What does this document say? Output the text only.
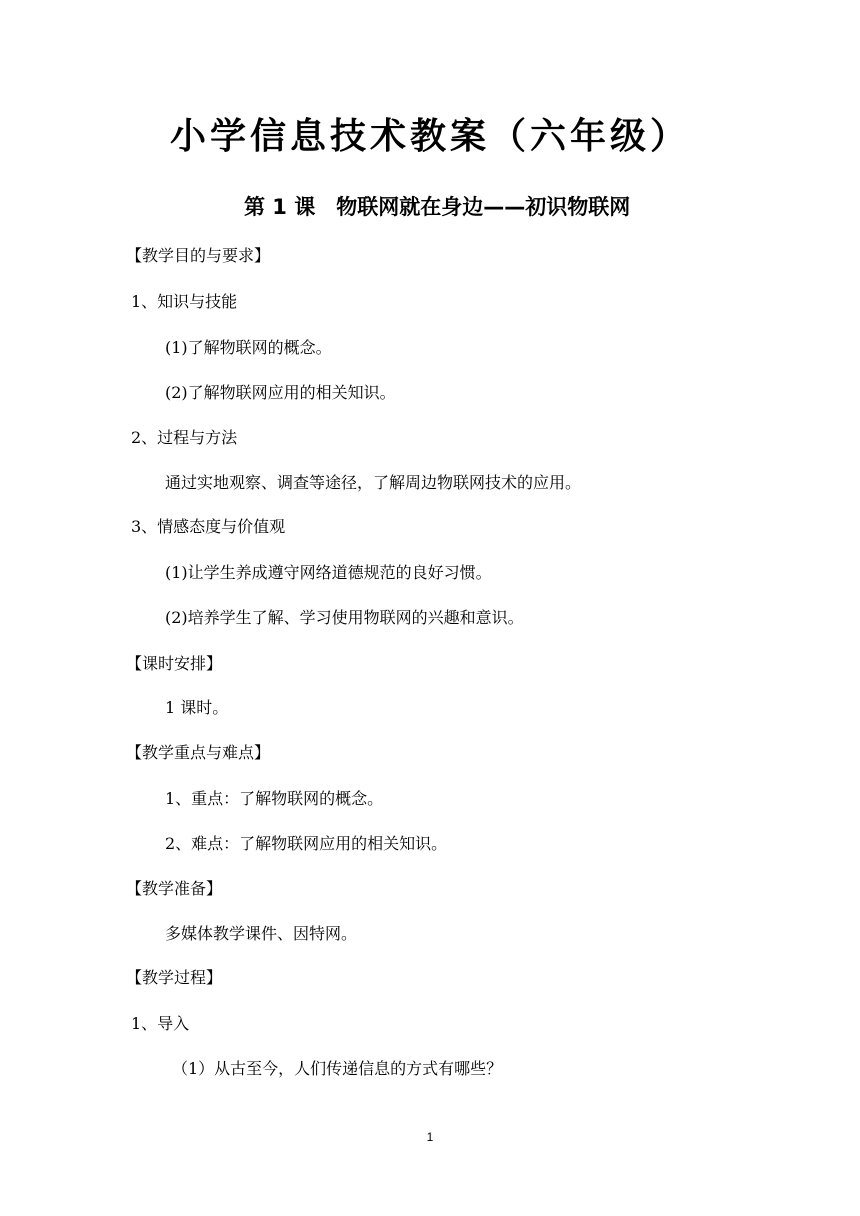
小学信息技术教案（六年级）
第 1 课　物联网就在身边——初识物联网
【教学目的与要求】
1、知识与技能
(1)了解物联网的概念。
(2)了解物联网应用的相关知识。
2、过程与方法
通过实地观察、调查等途径，了解周边物联网技术的应用。
3、情感态度与价值观
(1)让学生养成遵守网络道德规范的良好习惯。
(2)培养学生了解、学习使用物联网的兴趣和意识。
【课时安排】
1 课时。
【教学重点与难点】
1、重点：了解物联网的概念。
2、难点：了解物联网应用的相关知识。
【教学准备】
多媒体教学课件、因特网。
【教学过程】
1、导入
（1）从古至今，人们传递信息的方式有哪些？
1
